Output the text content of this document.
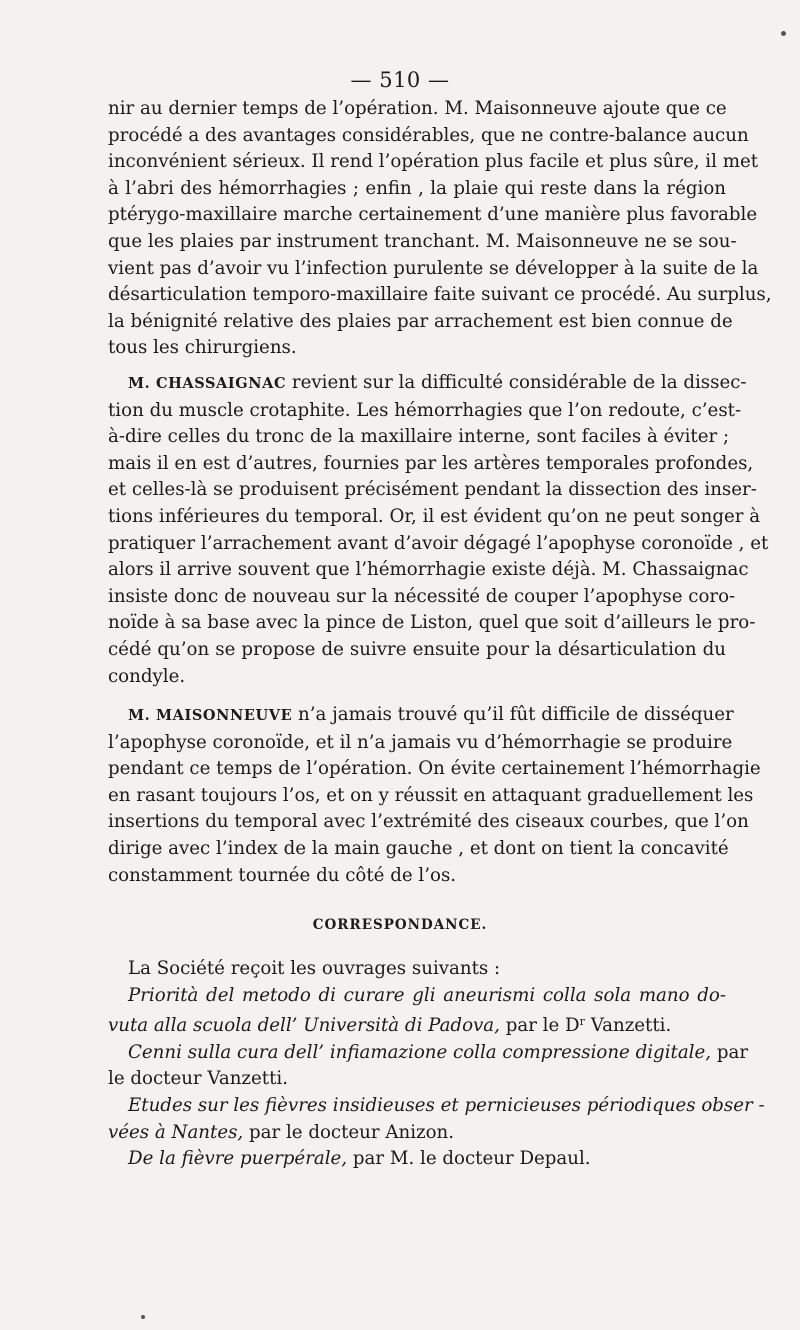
— 510 —
nir au dernier temps de l’opération. M. Maisonneuve ajoute que ce
procédé a des avantages considérables, que ne contre-balance aucun
inconvénient sérieux. Il rend l’opération plus facile et plus sûre, il met
à l’abri des hémorrhagies ; enfin , la plaie qui reste dans la région
ptérygo-maxillaire marche certainement d’une manière plus favorable
que les plaies par instrument tranchant. M. Maisonneuve ne se sou-
vient pas d’avoir vu l’infection purulente se développer à la suite de la
désarticulation temporo-maxillaire faite suivant ce procédé. Au surplus,
la bénignité relative des plaies par arrachement est bien connue de
tous les chirurgiens.
M. CHASSAIGNAC revient sur la difficulté considérable de la dissec-
tion du muscle crotaphite. Les hémorrhagies que l’on redoute, c’est-
à-dire celles du tronc de la maxillaire interne, sont faciles à éviter ;
mais il en est d’autres, fournies par les artères temporales profondes,
et celles-là se produisent précisément pendant la dissection des inser-
tions inférieures du temporal. Or, il est évident qu’on ne peut songer à
pratiquer l’arrachement avant d’avoir dégagé l’apophyse coronoïde , et
alors il arrive souvent que l’hémorrhagie existe déjà. M. Chassaignac
insiste donc de nouveau sur la nécessité de couper l’apophyse coro-
noïde à sa base avec la pince de Liston, quel que soit d’ailleurs le pro-
cédé qu’on se propose de suivre ensuite pour la désarticulation du
condyle.
M. MAISONNEUVE n’a jamais trouvé qu’il fût difficile de disséquer
l’apophyse coronoïde, et il n’a jamais vu d’hémorrhagie se produire
pendant ce temps de l’opération. On évite certainement l’hémorrhagie
en rasant toujours l’os, et on y réussit en attaquant graduellement les
insertions du temporal avec l’extrémité des ciseaux courbes, que l’on
dirige avec l’index de la main gauche , et dont on tient la concavité
constamment tournée du côté de l’os.
CORRESPONDANCE.
La Société reçoit les ouvrages suivants :
Priorità del metodo di curare gli aneurismi colla sola mano do-
vuta alla scuola dell’ Università di Padova, par le $D^r$ Vanzetti.
Cenni sulla cura dell’ infiamazione colla compressione digitale, par
le docteur Vanzetti.
Etudes sur les fièvres insidieuses et pernicieuses périodiques obser -
vées à Nantes, par le docteur Anizon.
De la fièvre puerpérale, par M. le docteur Depaul.
